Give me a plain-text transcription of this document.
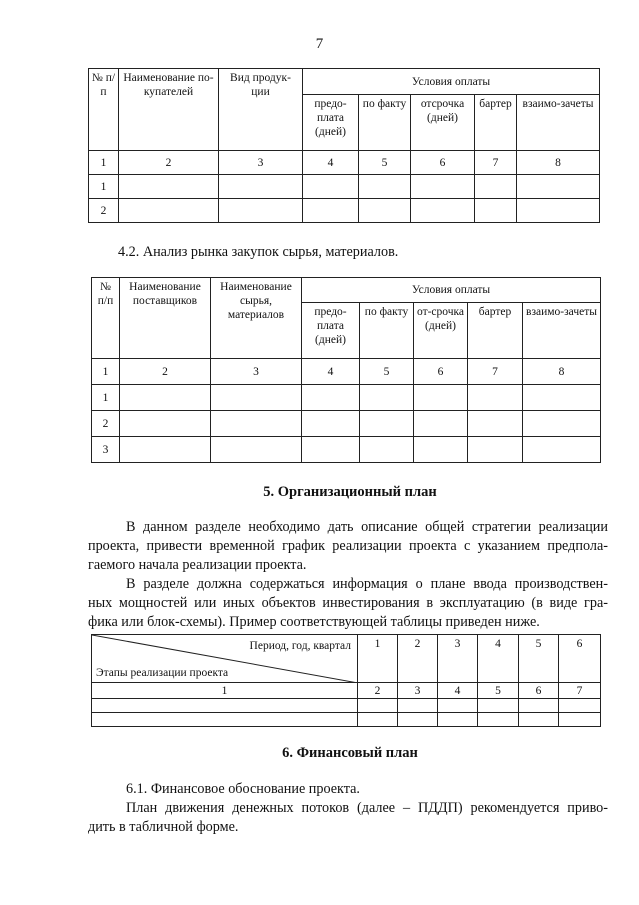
7
№ п/п	Наименование по-купателей	Вид продук-ции	Условия оплаты				
			предо-плата (дней)	по факту	отсрочка (дней)	бартер	взаимо-зачеты
1	2	3	4	5	6	7	8
1							
2							
4.2. Анализ рынка закупок сырья, материалов.
№ п/п	Наименование поставщиков	Наименование сырья, материалов	Условия оплаты				
			предо-плата (дней)	по факту	от-срочка (дней)	бартер	взаимо-зачеты
1	2	3	4	5	6	7	8
1							
2							
3							
5. Организационный план
В данном разделе необходимо дать описание общей стратегии реализации
проекта, привести временной график реализации проекта с указанием предпола-
гаемого начала реализации проекта.
В разделе должна содержаться информация о плане ввода производствен-
ных мощностей или иных объектов инвестирования в эксплуатацию (в виде гра-
фика или блок-схемы). Пример соответствующей таблицы приведен ниже.
Период, год, квартал
Этапы реализации проекта	1	2	3	4	5	6
1	2	3	4	5	6	7

6. Финансовый план
6.1. Финансовое обоснование проекта.
План движения денежных потоков (далее – ПДДП) рекомендуется приво-
дить в табличной форме.
